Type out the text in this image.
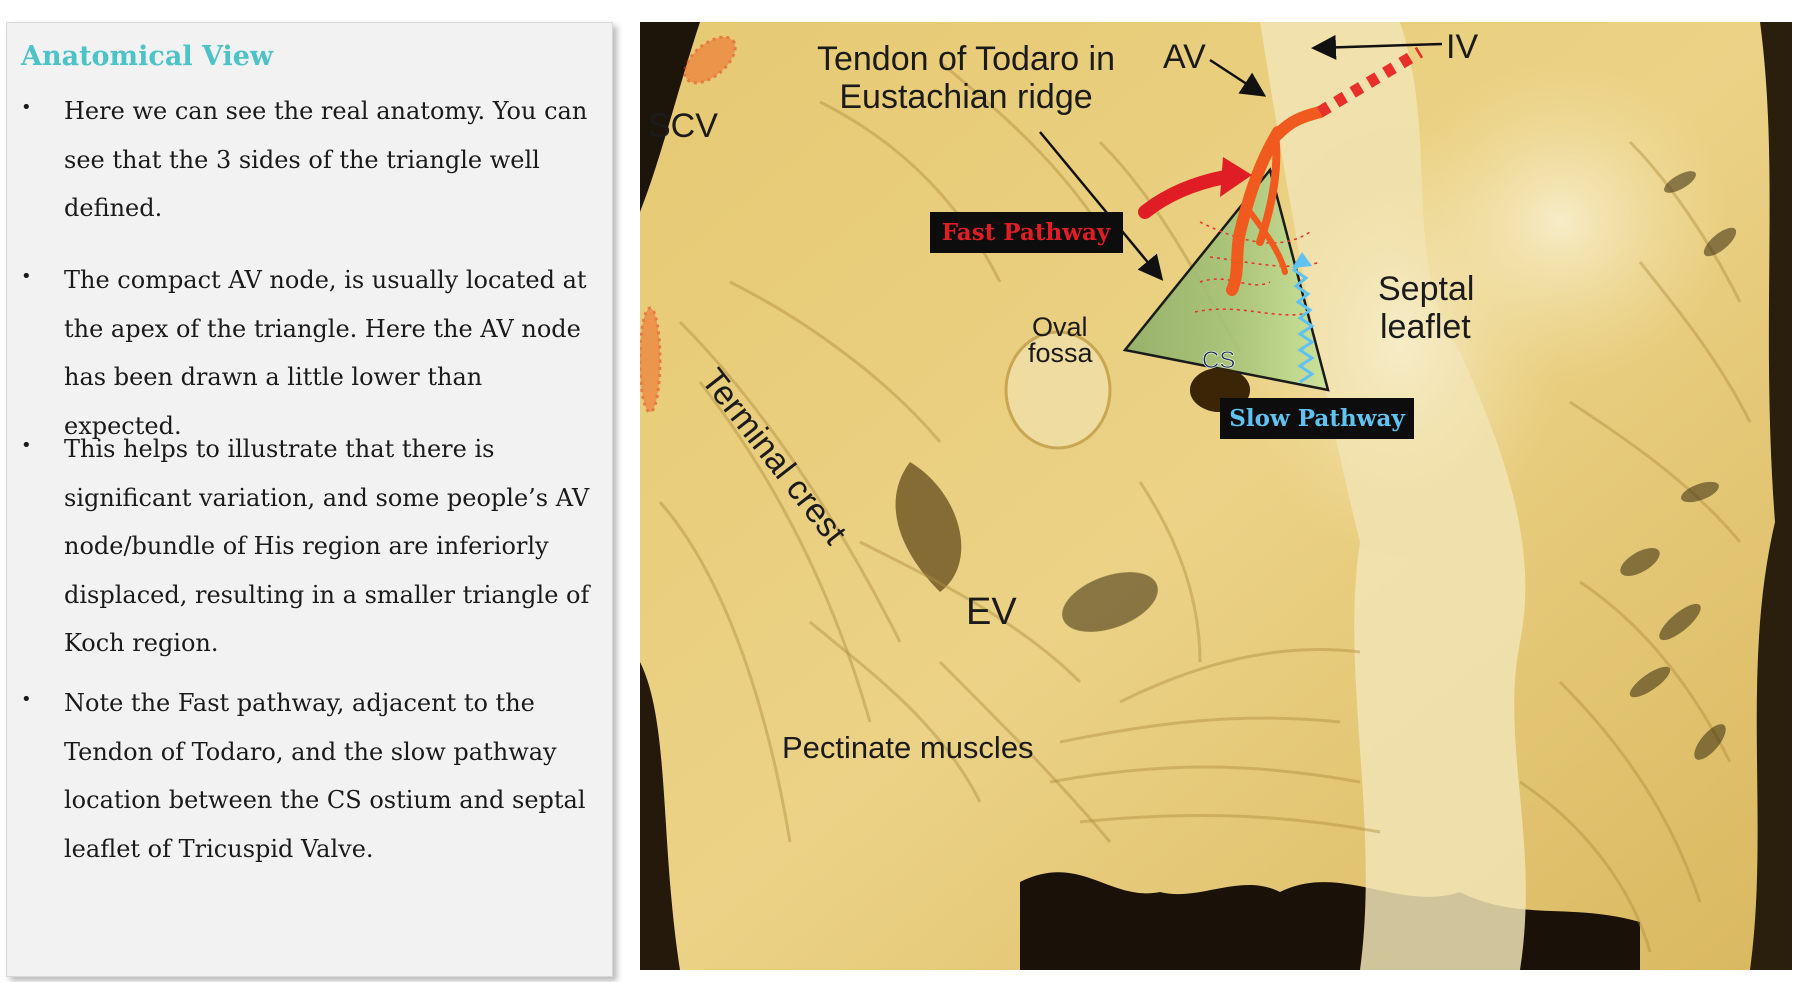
Anatomical View
• Here we can see the real anatomy. You can see that the 3 sides of the triangle well defined.
• The compact AV node, is usually located at the apex of the triangle. Here the AV node has been drawn a little lower than expected.
• This helps to illustrate that there is significant variation, and some people’s AV node/bundle of His region are inferiorly displaced, resulting in a smaller triangle of Koch region.
• Note the Fast pathway, adjacent to the Tendon of Todaro, and the slow pathway location between the CS ostium and septal leaflet of Tricuspid Valve.
Tendon of Todaro in
Eustachian ridge
AV	IV
SCV
Oval
fossa	CS
Septal
leaflet
Terminal crest
EV
Pectinate muscles
Fast Pathway
Slow Pathway
